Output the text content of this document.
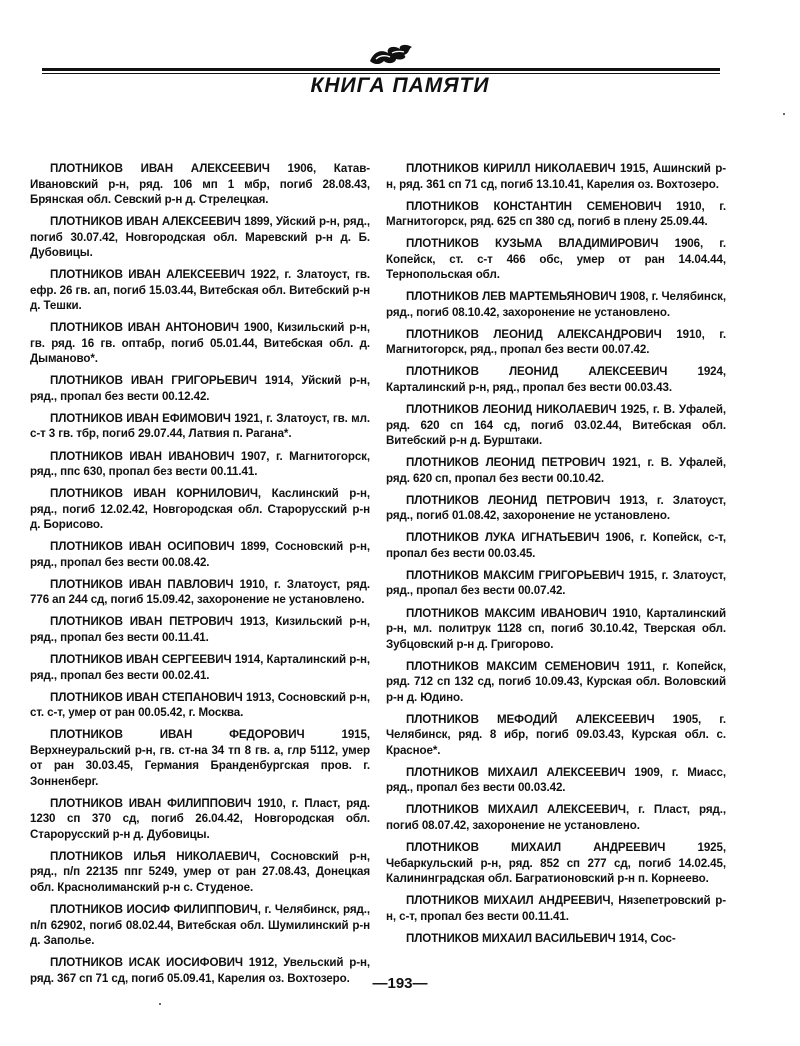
КНИГА ПАМЯТИ

ПЛОТНИКОВ ИВАН АЛЕКСЕЕВИЧ 1906, Катав-Ивановский р-н, ряд. 106 мп 1 мбр, погиб 28.08.43, Брянская обл. Севский р-н д. Стрелецкая.

ПЛОТНИКОВ ИВАН АЛЕКСЕЕВИЧ 1899, Уйский р-н, ряд., погиб 30.07.42, Новгородская обл. Маревский р-н д. Б. Дубовицы.

ПЛОТНИКОВ ИВАН АЛЕКСЕЕВИЧ 1922, г. Златоуст, гв. ефр. 26 гв. ап, погиб 15.03.44, Витебская обл. Витебский р-н д. Тешки.

ПЛОТНИКОВ ИВАН АНТОНОВИЧ 1900, Кизильский р-н, гв. ряд. 16 гв. оптабр, погиб 05.01.44, Витебская обл. д. Дыманово*.

ПЛОТНИКОВ ИВАН ГРИГОРЬЕВИЧ 1914, Уйский р-н, ряд., пропал без вести 00.12.42.

ПЛОТНИКОВ ИВАН ЕФИМОВИЧ 1921, г. Златоуст, гв. мл. с-т 3 гв. тбр, погиб 29.07.44, Латвия п. Рагана*.

ПЛОТНИКОВ ИВАН ИВАНОВИЧ 1907, г. Магнитогорск, ряд., ппс 630, пропал без вести 00.11.41.

ПЛОТНИКОВ ИВАН КОРНИЛОВИЧ, Каслинский р-н, ряд., погиб 12.02.42, Новгородская обл. Старорусский р-н д. Борисово.

ПЛОТНИКОВ ИВАН ОСИПОВИЧ 1899, Сосновский р-н, ряд., пропал без вести 00.08.42.

ПЛОТНИКОВ ИВАН ПАВЛОВИЧ 1910, г. Златоуст, ряд. 776 ап 244 сд, погиб 15.09.42, захоронение не установлено.

ПЛОТНИКОВ ИВАН ПЕТРОВИЧ 1913, Кизильский р-н, ряд., пропал без вести 00.11.41.

ПЛОТНИКОВ ИВАН СЕРГЕЕВИЧ 1914, Карталинский р-н, ряд., пропал без вести 00.02.41.

ПЛОТНИКОВ ИВАН СТЕПАНОВИЧ 1913, Сосновский р-н, ст. с-т, умер от ран 00.05.42, г. Москва.

ПЛОТНИКОВ ИВАН ФЕДОРОВИЧ 1915, Верхнеуральский р-н, гв. ст-на 34 тп 8 гв. а, глр 5112, умер от ран 30.03.45, Германия Бранденбургская пров. г. Зонненберг.

ПЛОТНИКОВ ИВАН ФИЛИППОВИЧ 1910, г. Пласт, ряд. 1230 сп 370 сд, погиб 26.04.42, Новгородская обл. Старорусский р-н д. Дубовицы.

ПЛОТНИКОВ ИЛЬЯ НИКОЛАЕВИЧ, Сосновский р-н, ряд., п/п 22135 ппг 5249, умер от ран 27.08.43, Донецкая обл. Краснолиманский р-н с. Студеное.

ПЛОТНИКОВ ИОСИФ ФИЛИППОВИЧ, г. Челябинск, ряд., п/п 62902, погиб 08.02.44, Витебская обл. Шумилинский р-н д. Заполье.

ПЛОТНИКОВ ИСАК ИОСИФОВИЧ 1912, Увельский р-н, ряд. 367 сп 71 сд, погиб 05.09.41, Карелия оз. Вохтозеро.

ПЛОТНИКОВ КИРИЛЛ НИКОЛАЕВИЧ 1915, Ашинский р-н, ряд. 361 сп 71 сд, погиб 13.10.41, Карелия оз. Вохтозеро.

ПЛОТНИКОВ КОНСТАНТИН СЕМЕНОВИЧ 1910, г. Магнитогорск, ряд. 625 сп 380 сд, погиб в плену 25.09.44.

ПЛОТНИКОВ КУЗЬМА ВЛАДИМИРОВИЧ 1906, г. Копейск, ст. с-т 466 обс, умер от ран 14.04.44, Тернопольская обл.

ПЛОТНИКОВ ЛЕВ МАРТЕМЬЯНОВИЧ 1908, г. Челябинск, ряд., погиб 08.10.42, захоронение не установлено.

ПЛОТНИКОВ ЛЕОНИД АЛЕКСАНДРОВИЧ 1910, г. Магнитогорск, ряд., пропал без вести 00.07.42.

ПЛОТНИКОВ ЛЕОНИД АЛЕКСЕЕВИЧ 1924, Карталинский р-н, ряд., пропал без вести 00.03.43.

ПЛОТНИКОВ ЛЕОНИД НИКОЛАЕВИЧ 1925, г. В. Уфалей, ряд. 620 сп 164 сд, погиб 03.02.44, Витебская обл. Витебский р-н д. Бурштаки.

ПЛОТНИКОВ ЛЕОНИД ПЕТРОВИЧ 1921, г. В. Уфалей, ряд. 620 сп, пропал без вести 00.10.42.

ПЛОТНИКОВ ЛЕОНИД ПЕТРОВИЧ 1913, г. Златоуст, ряд., погиб 01.08.42, захоронение не установлено.

ПЛОТНИКОВ ЛУКА ИГНАТЬЕВИЧ 1906, г. Копейск, с-т, пропал без вести 00.03.45.

ПЛОТНИКОВ МАКСИМ ГРИГОРЬЕВИЧ 1915, г. Златоуст, ряд., пропал без вести 00.07.42.

ПЛОТНИКОВ МАКСИМ ИВАНОВИЧ 1910, Карталинский р-н, мл. политрук 1128 сп, погиб 30.10.42, Тверская обл. Зубцовский р-н д. Григорово.

ПЛОТНИКОВ МАКСИМ СЕМЕНОВИЧ 1911, г. Копейск, ряд. 712 сп 132 сд, погиб 10.09.43, Курская обл. Воловский р-н д. Юдино.

ПЛОТНИКОВ МЕФОДИЙ АЛЕКСЕЕВИЧ 1905, г. Челябинск, ряд. 8 ибр, погиб 09.03.43, Курская обл. с. Красное*.

ПЛОТНИКОВ МИХАИЛ АЛЕКСЕЕВИЧ 1909, г. Миасс, ряд., пропал без вести 00.03.42.

ПЛОТНИКОВ МИХАИЛ АЛЕКСЕЕВИЧ, г. Пласт, ряд., погиб 08.07.42, захоронение не установлено.

ПЛОТНИКОВ МИХАИЛ АНДРЕЕВИЧ 1925, Чебаркульский р-н, ряд. 852 сп 277 сд, погиб 14.02.45, Калининградская обл. Багратионовский р-н п. Корнеево.

ПЛОТНИКОВ МИХАИЛ АНДРЕЕВИЧ, Нязепетровский р-н, с-т, пропал без вести 00.11.41.

ПЛОТНИКОВ МИХАИЛ ВАСИЛЬЕВИЧ 1914, Сос-

—193—
